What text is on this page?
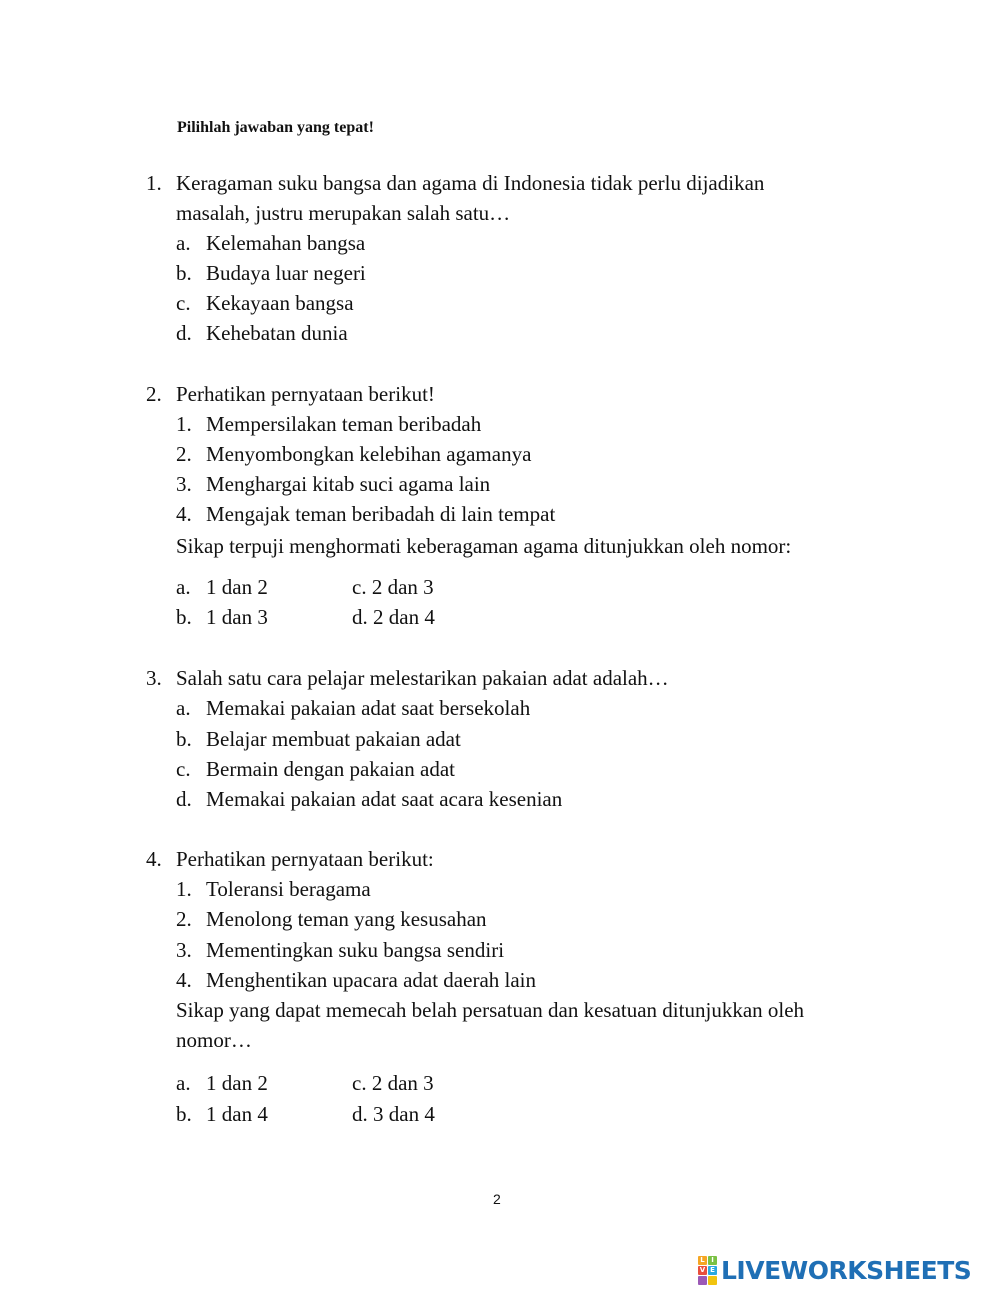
Pilihlah jawaban yang tepat!
1. Keragaman suku bangsa dan agama di Indonesia tidak perlu dijadikan
masalah, justru merupakan salah satu…
a. Kelemahan bangsa
b. Budaya luar negeri
c. Kekayaan bangsa
d. Kehebatan dunia
2. Perhatikan pernyataan berikut!
1. Mempersilakan teman beribadah
2. Menyombongkan kelebihan agamanya
3. Menghargai kitab suci agama lain
4. Mengajak teman beribadah di lain tempat
Sikap terpuji menghormati keberagaman agama ditunjukkan oleh nomor:
a. 1 dan 2	c. 2 dan 3
b. 1 dan 3	d. 2 dan 4
3. Salah satu cara pelajar melestarikan pakaian adat adalah…
a. Memakai pakaian adat saat bersekolah
b. Belajar membuat pakaian adat
c. Bermain dengan pakaian adat
d. Memakai pakaian adat saat acara kesenian
4. Perhatikan pernyataan berikut:
1. Toleransi beragama
2. Menolong teman yang kesusahan
3. Mementingkan suku bangsa sendiri
4. Menghentikan upacara adat daerah lain
Sikap yang dapat memecah belah persatuan dan kesatuan ditunjukkan oleh
nomor…
a. 1 dan 2	c. 2 dan 3
b. 1 dan 4	d. 3 dan 4
2
L I
V E LIVEWORKSHEETS
